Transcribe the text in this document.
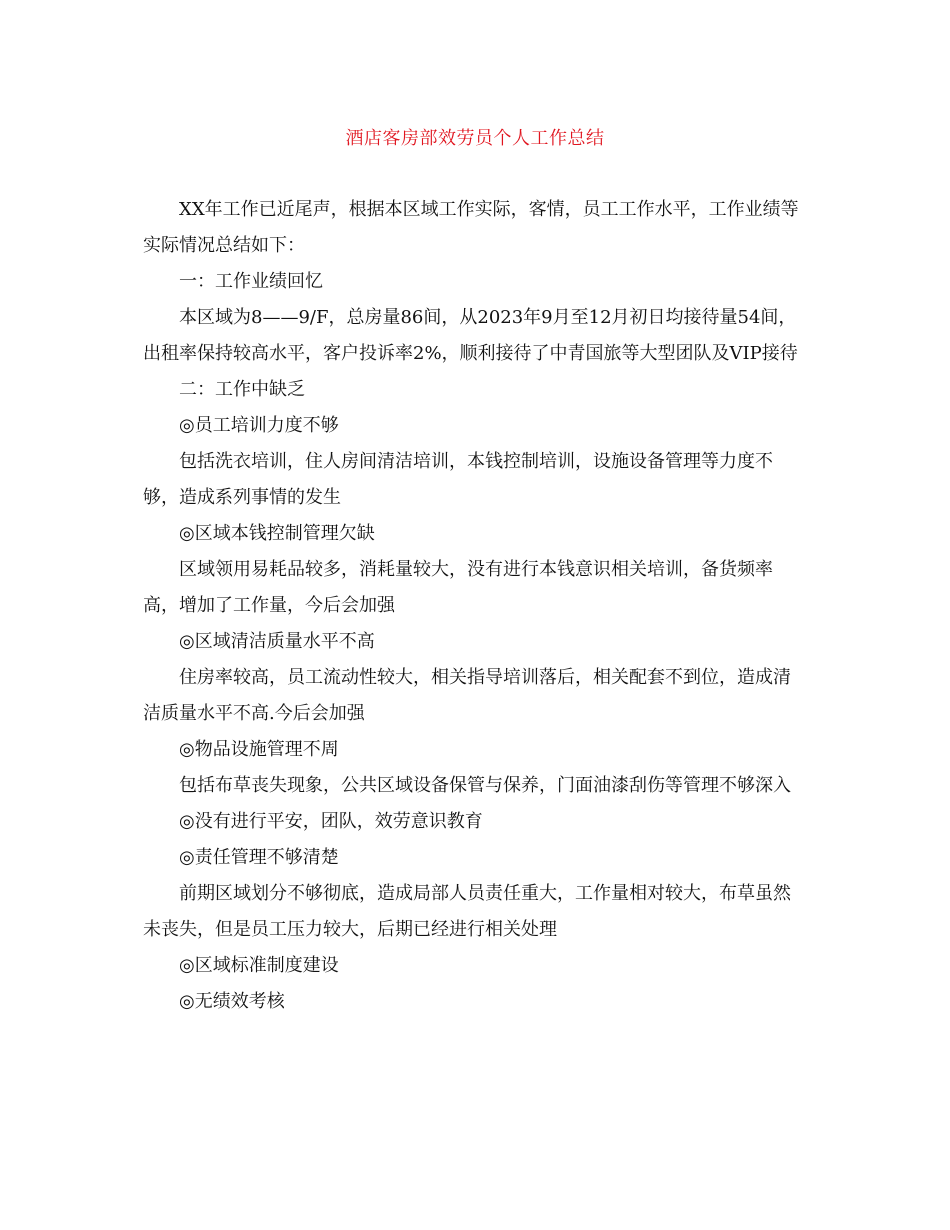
酒店客房部效劳员个人工作总结

XX年工作已近尾声，根据本区域工作实际，客情，员工工作水平，工作业绩等实际情况总结如下：

一：工作业绩回忆

本区域为8——9/F，总房量86间，从2023年9月至12月初日均接待量54间，出租率保持较高水平，客户投诉率2%，顺利接待了中青国旅等大型团队及VIP接待

二：工作中缺乏

◎员工培训力度不够

包括洗衣培训，住人房间清洁培训，本钱控制培训，设施设备管理等力度不够，造成系列事情的发生

◎区域本钱控制管理欠缺

区域领用易耗品较多，消耗量较大，没有进行本钱意识相关培训，备货频率高，增加了工作量，今后会加强

◎区域清洁质量水平不高

住房率较高，员工流动性较大，相关指导培训落后，相关配套不到位，造成清洁质量水平不高.今后会加强

◎物品设施管理不周

包括布草丧失现象，公共区域设备保管与保养，门面油漆刮伤等管理不够深入

◎没有进行平安，团队，效劳意识教育

◎责任管理不够清楚

前期区域划分不够彻底，造成局部人员责任重大，工作量相对较大，布草虽然未丧失，但是员工压力较大，后期已经进行相关处理

◎区域标准制度建设

◎无绩效考核
